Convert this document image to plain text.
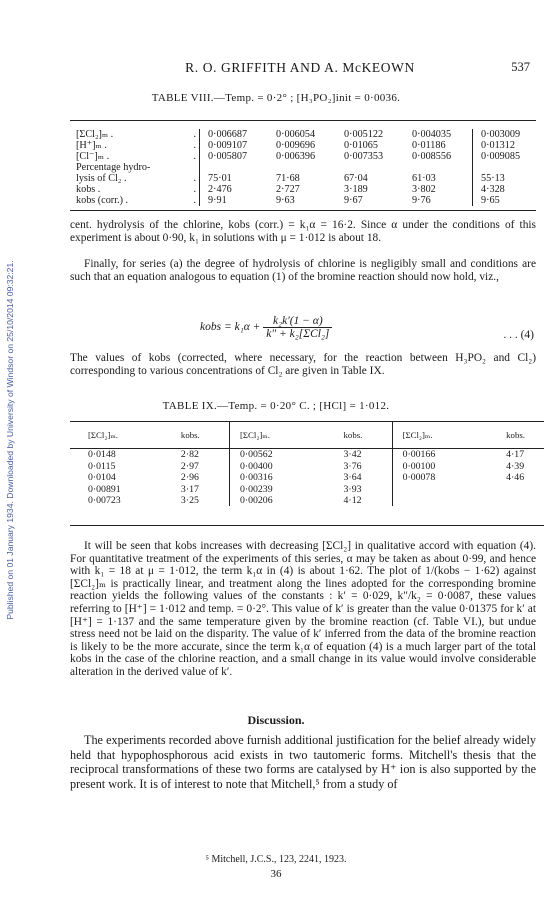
Published on 01 January 1934. Downloaded by University of Windsor on 25/10/2014 09:32:21.
R. O. GRIFFITH AND A. McKEOWN	537
TABLE VIII.—Temp. = 0·2° ; [H₃PO₂]init = 0·0036.
[ΣCl₂]ₘ .	.	0·006687	0·006054	0·005122	0·004035	0·003009
[H⁺]ₘ .	.	0·009107	0·009696	0·01065	0·01186	0·01312
[Cl⁻]ₘ .	.	0·005807	0·006396	0·007353	0·008556	0·009085
Percentage hydro-						
lysis of Cl₂ .	.	75·01	71·68	67·04	61·03	55·13
kobs .	.	2·476	2·727	3·189	3·802	4·328
kobs (corr.) .	.	9·91	9·63	9·67	9·76	9·65

cent. hydrolysis of the chlorine, kobs (corr.) = k₁α = 16·2. Since α under the conditions of this experiment is about 0·90, k₁ in solutions with μ = 1·012 is about 18.

Finally, for series (a) the degree of hydrolysis of chlorine is negligibly small and conditions are such that an equation analogous to equation (1) of the bromine reaction should now hold, viz.,

kobs = $k_1\alpha + \frac{\text{k₂k′(1 − α)}}{\text{k″ + k₂[ΣCl₂]}}$	. . . (4)

The values of kobs (corrected, where necessary, for the reaction between H₃PO₂ and Cl₂) corresponding to various concentrations of Cl₂ are given in Table IX.

TABLE IX.—Temp. = 0·20° C. ; [HCl] = 1·012.
[ΣCl₂]ₘ.	kobs.	[ΣCl₂]ₘ.	kobs.	[ΣCl₂]ₘ.	kobs.
0·0148	2·82	0·00562	3·42	0·00166	4·17
0·0115	2·97	0·00400	3·76	0·00100	4·39
0·0104	2·96	0·00316	3·64	0·00078	4·46
0·00891	3·17	0·00239	3·93		
0·00723	3·25	0·00206	4·12		

It will be seen that kobs increases with decreasing [ΣCl₂] in qualitative accord with equation (4). For quantitative treatment of the experiments of this series, α may be taken as about 0·99, and hence with k₁ = 18 at μ = 1·012, the term k₁α in (4) is about 1·62. The plot of 1/(kobs − 1·62) against [ΣCl₂]ₘ is practically linear, and treatment along the lines adopted for the corresponding bromine reaction yields the following values of the constants : k′ = 0·029, k″/k₂ = 0·0087, these values referring to [H⁺] = 1·012 and temp. = 0·2°. This value of k′ is greater than the value 0·01375 for k′ at [H⁺] = 1·137 and the same temperature given by the bromine reaction (cf. Table VI.), but undue stress need not be laid on the disparity. The value of k′ inferred from the data of the bromine reaction is likely to be the more accurate, since the term k₁α of equation (4) is a much larger part of the total kobs in the case of the chlorine reaction, and a small change in its value would involve considerable alteration in the derived value of k′.

Discussion.

The experiments recorded above furnish additional justification for the belief already widely held that hypophosphorous acid exists in two tautomeric forms. Mitchell's thesis that the reciprocal transformations of these two forms are catalysed by H⁺ ion is also supported by the present work. It is of interest to note that Mitchell,⁵ from a study of

⁵ Mitchell, J.C.S., 123, 2241, 1923.
36
